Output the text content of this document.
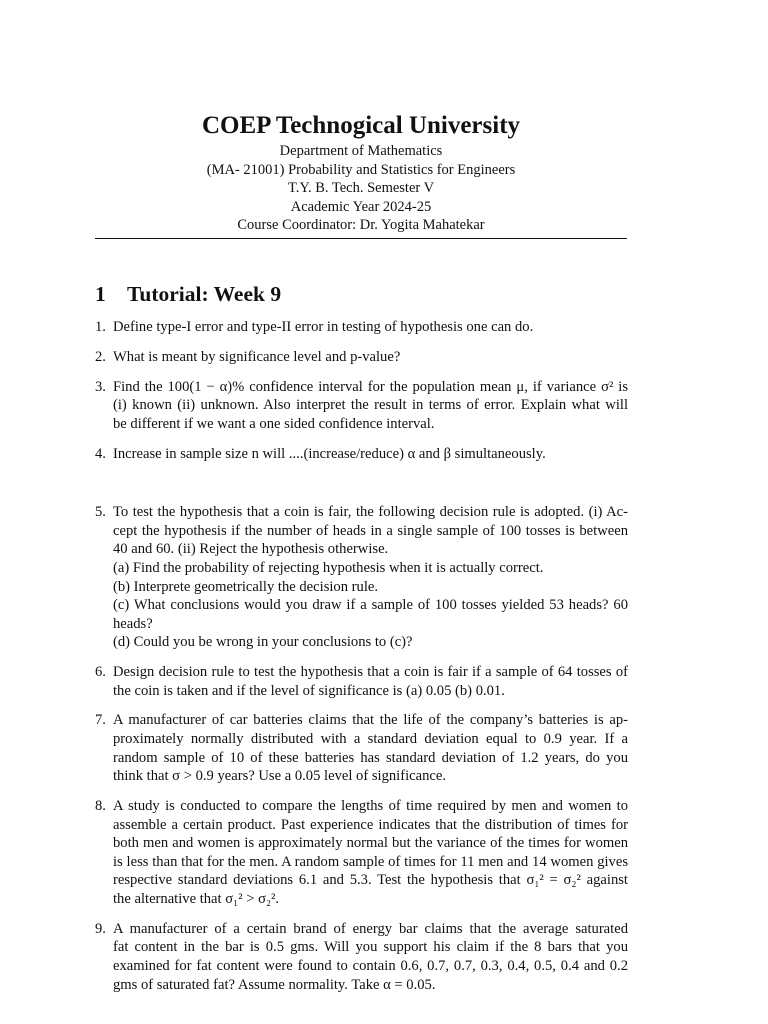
COEP Technogical University

Department of Mathematics

(MA- 21001) Probability and Statistics for Engineers

T.Y. B. Tech. Semester V

Academic Year 2024-25

Course Coordinator: Dr. Yogita Mahatekar

1 Tutorial: Week 9
1. Define type-I error and type-II error in testing of hypothesis one can do.
2. What is meant by significance level and p-value?
3. Find the 100(1 − α)% confidence interval for the population mean μ, if variance σ² is
(i) known (ii) unknown. Also interpret the result in terms of error. Explain what will
be different if we want a one sided confidence interval.
4. Increase in sample size n will ....(increase/reduce) α and β simultaneously.
5. To test the hypothesis that a coin is fair, the following decision rule is adopted. (i) Ac-
cept the hypothesis if the number of heads in a single sample of 100 tosses is between
40 and 60. (ii) Reject the hypothesis otherwise.
(a) Find the probability of rejecting hypothesis when it is actually correct.
(b) Interprete geometrically the decision rule.
(c) What conclusions would you draw if a sample of 100 tosses yielded 53 heads? 60
heads?
(d) Could you be wrong in your conclusions to (c)?
6. Design decision rule to test the hypothesis that a coin is fair if a sample of 64 tosses of
the coin is taken and if the level of significance is (a) 0.05 (b) 0.01.
7. A manufacturer of car batteries claims that the life of the company’s batteries is ap-
proximately normally distributed with a standard deviation equal to 0.9 year. If a
random sample of 10 of these batteries has standard deviation of 1.2 years, do you
think that σ > 0.9 years? Use a 0.05 level of significance.
8. A study is conducted to compare the lengths of time required by men and women to
assemble a certain product. Past experience indicates that the distribution of times for
both men and women is approximately normal but the variance of the times for women
is less than that for the men. A random sample of times for 11 men and 14 women gives
respective standard deviations 6.1 and 5.3. Test the hypothesis that σ₁² = σ₂² against
the alternative that σ₁² > σ₂².
9. A manufacturer of a certain brand of energy bar claims that the average saturated
fat content in the bar is 0.5 gms. Will you support his claim if the 8 bars that you
examined for fat content were found to contain 0.6, 0.7, 0.7, 0.3, 0.4, 0.5, 0.4 and 0.2
gms of saturated fat? Assume normality. Take α = 0.05.
